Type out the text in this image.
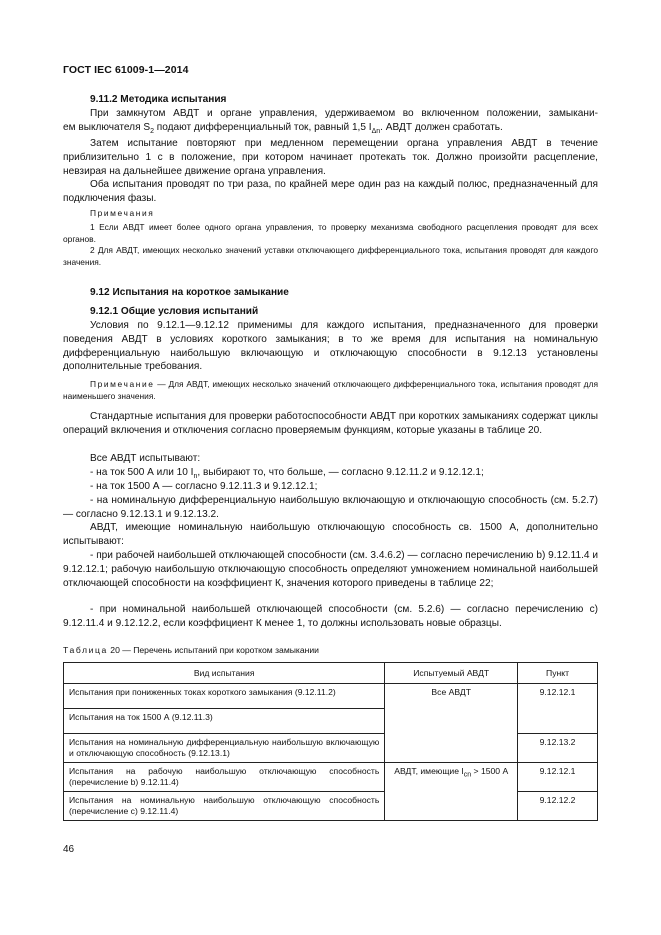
ГОСТ IEC 61009-1—2014
9.11.2 Методика испытания
При замкнутом АВДТ и органе управления, удерживаемом во включенном положении, замыкани-
ем выключателя $S_2$ подают дифференциальный ток, равный 1,5 $I_{\Delta n}$. АВДТ должен сработать.
Затем испытание повторяют при медленном перемещении органа управления АВДТ в течение приблизительно 1 с в положение, при котором начинает протекать ток. Должно произойти расцепление, невзирая на дальнейшее движение органа управления.
Оба испытания проводят по три раза, по крайней мере один раз на каждый полюс, предназначенный для подключения фазы.
Примечания
1 Если АВДТ имеет более одного органа управления, то проверку механизма свободного расцепления проводят для всех органов.
2 Для АВДТ, имеющих несколько значений уставки отключающего дифференциального тока, испытания проводят для каждого значения.
9.12 Испытания на короткое замыкание
9.12.1 Общие условия испытаний
Условия по 9.12.1—9.12.12 применимы для каждого испытания, предназначенного для проверки поведения АВДТ в условиях короткого замыкания; в то же время для испытания на номинальную дифференциальную наибольшую включающую и отключающую способности в 9.12.13 установлены дополнительные требования.
Примечание — Для АВДТ, имеющих несколько значений отключающего дифференциального тока, испытания проводят для наименьшего значения.
Стандартные испытания для проверки работоспособности АВДТ при коротких замыканиях содержат циклы операций включения и отключения согласно проверяемым функциям, которые указаны в таблице 20.
Все АВДТ испытывают:
- на ток 500 А или 10 $I_n$, выбирают то, что больше, — согласно 9.12.11.2 и 9.12.12.1;
- на ток 1500 А — согласно 9.12.11.3 и 9.12.12.1;
- на номинальную дифференциальную наибольшую включающую и отключающую способность (см. 5.2.7) — согласно 9.12.13.1 и 9.12.13.2.
АВДТ, имеющие номинальную наибольшую отключающую способность св. 1500 А, дополнительно испытывают:
- при рабочей наибольшей отключающей способности (см. 3.4.6.2) — согласно перечислению b) 9.12.11.4 и 9.12.12.1; рабочую наибольшую отключающую способность определяют умножением номинальной наибольшей отключающей способности на коэффициент К, значения которого приведены в таблице 22;
- при номинальной наибольшей отключающей способности (см. 5.2.6) — согласно перечислению с) 9.12.11.4 и 9.12.12.2, если коэффициент К менее 1, то должны использовать новые образцы.
Таблица 20 — Перечень испытаний при коротком замыкании
Вид испытания	Испытуемый АВДТ	Пункт
Испытания при пониженных токах короткого замыкания (9.12.11.2)	Все АВДТ	9.12.12.1
Испытания на ток 1500 А (9.12.11.3)		
Испытания на номинальную дифференциальную наибольшую включающую и отключающую способность (9.12.13.1)		9.12.13.2
Испытания на рабочую наибольшую отключающую способность (перечисление b) 9.12.11.4)	АВДТ, имеющие $I_{cn} > 1500$ А	9.12.12.1
Испытания на номинальную наибольшую отключающую способность (перечисление с) 9.12.11.4)		9.12.12.2
46
